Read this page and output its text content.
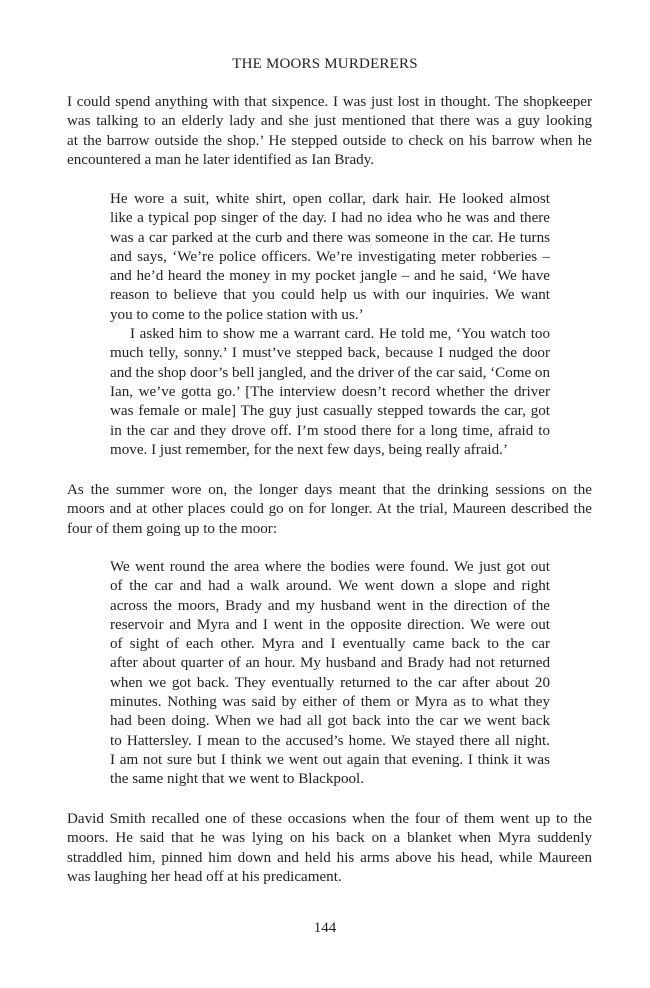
THE MOORS MURDERERS
I could spend anything with that sixpence. I was just lost in thought. The shopkeeper
was talking to an elderly lady and she just mentioned that there was a guy looking
at the barrow outside the shop.’ He stepped outside to check on his barrow when he
encountered a man he later identified as Ian Brady.
He wore a suit, white shirt, open collar, dark hair. He looked almost
like a typical pop singer of the day. I had no idea who he was and there
was a car parked at the curb and there was someone in the car. He turns
and says, ‘We’re police officers. We’re investigating meter robberies –
and he’d heard the money in my pocket jangle – and he said, ‘We have
reason to believe that you could help us with our inquiries. We want
you to come to the police station with us.’
I asked him to show me a warrant card. He told me, ‘You watch too
much telly, sonny.’ I must’ve stepped back, because I nudged the door
and the shop door’s bell jangled, and the driver of the car said, ‘Come on
Ian, we’ve gotta go.’ [The interview doesn’t record whether the driver
was female or male] The guy just casually stepped towards the car, got
in the car and they drove off. I’m stood there for a long time, afraid to
move. I just remember, for the next few days, being really afraid.’
As the summer wore on, the longer days meant that the drinking sessions on the
moors and at other places could go on for longer. At the trial, Maureen described the
four of them going up to the moor:
We went round the area where the bodies were found. We just got out
of the car and had a walk around. We went down a slope and right
across the moors, Brady and my husband went in the direction of the
reservoir and Myra and I went in the opposite direction. We were out
of sight of each other. Myra and I eventually came back to the car
after about quarter of an hour. My husband and Brady had not returned
when we got back. They eventually returned to the car after about 20
minutes. Nothing was said by either of them or Myra as to what they
had been doing. When we had all got back into the car we went back
to Hattersley. I mean to the accused’s home. We stayed there all night.
I am not sure but I think we went out again that evening. I think it was
the same night that we went to Blackpool.
David Smith recalled one of these occasions when the four of them went up to the
moors. He said that he was lying on his back on a blanket when Myra suddenly
straddled him, pinned him down and held his arms above his head, while Maureen
was laughing her head off at his predicament.
144
